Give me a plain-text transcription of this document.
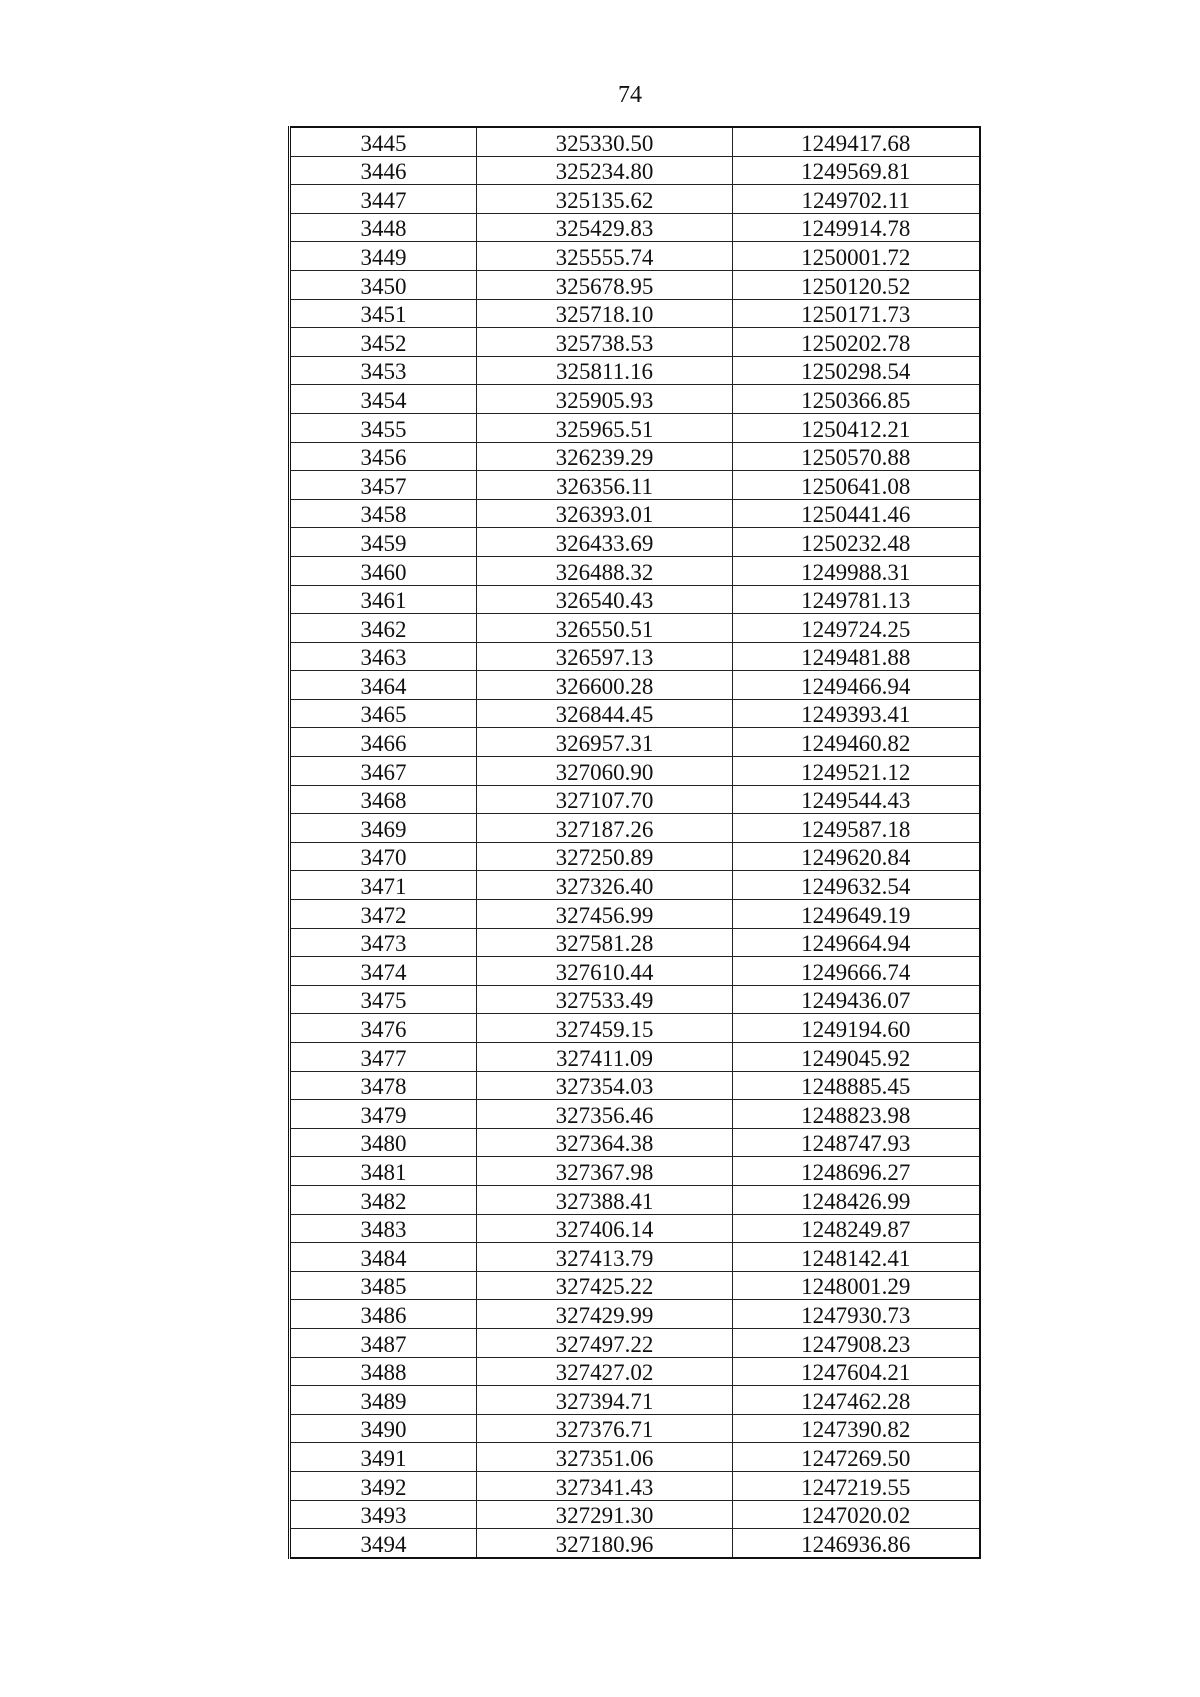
74
3445	325330.50	1249417.68
3446	325234.80	1249569.81
3447	325135.62	1249702.11
3448	325429.83	1249914.78
3449	325555.74	1250001.72
3450	325678.95	1250120.52
3451	325718.10	1250171.73
3452	325738.53	1250202.78
3453	325811.16	1250298.54
3454	325905.93	1250366.85
3455	325965.51	1250412.21
3456	326239.29	1250570.88
3457	326356.11	1250641.08
3458	326393.01	1250441.46
3459	326433.69	1250232.48
3460	326488.32	1249988.31
3461	326540.43	1249781.13
3462	326550.51	1249724.25
3463	326597.13	1249481.88
3464	326600.28	1249466.94
3465	326844.45	1249393.41
3466	326957.31	1249460.82
3467	327060.90	1249521.12
3468	327107.70	1249544.43
3469	327187.26	1249587.18
3470	327250.89	1249620.84
3471	327326.40	1249632.54
3472	327456.99	1249649.19
3473	327581.28	1249664.94
3474	327610.44	1249666.74
3475	327533.49	1249436.07
3476	327459.15	1249194.60
3477	327411.09	1249045.92
3478	327354.03	1248885.45
3479	327356.46	1248823.98
3480	327364.38	1248747.93
3481	327367.98	1248696.27
3482	327388.41	1248426.99
3483	327406.14	1248249.87
3484	327413.79	1248142.41
3485	327425.22	1248001.29
3486	327429.99	1247930.73
3487	327497.22	1247908.23
3488	327427.02	1247604.21
3489	327394.71	1247462.28
3490	327376.71	1247390.82
3491	327351.06	1247269.50
3492	327341.43	1247219.55
3493	327291.30	1247020.02
3494	327180.96	1246936.86
